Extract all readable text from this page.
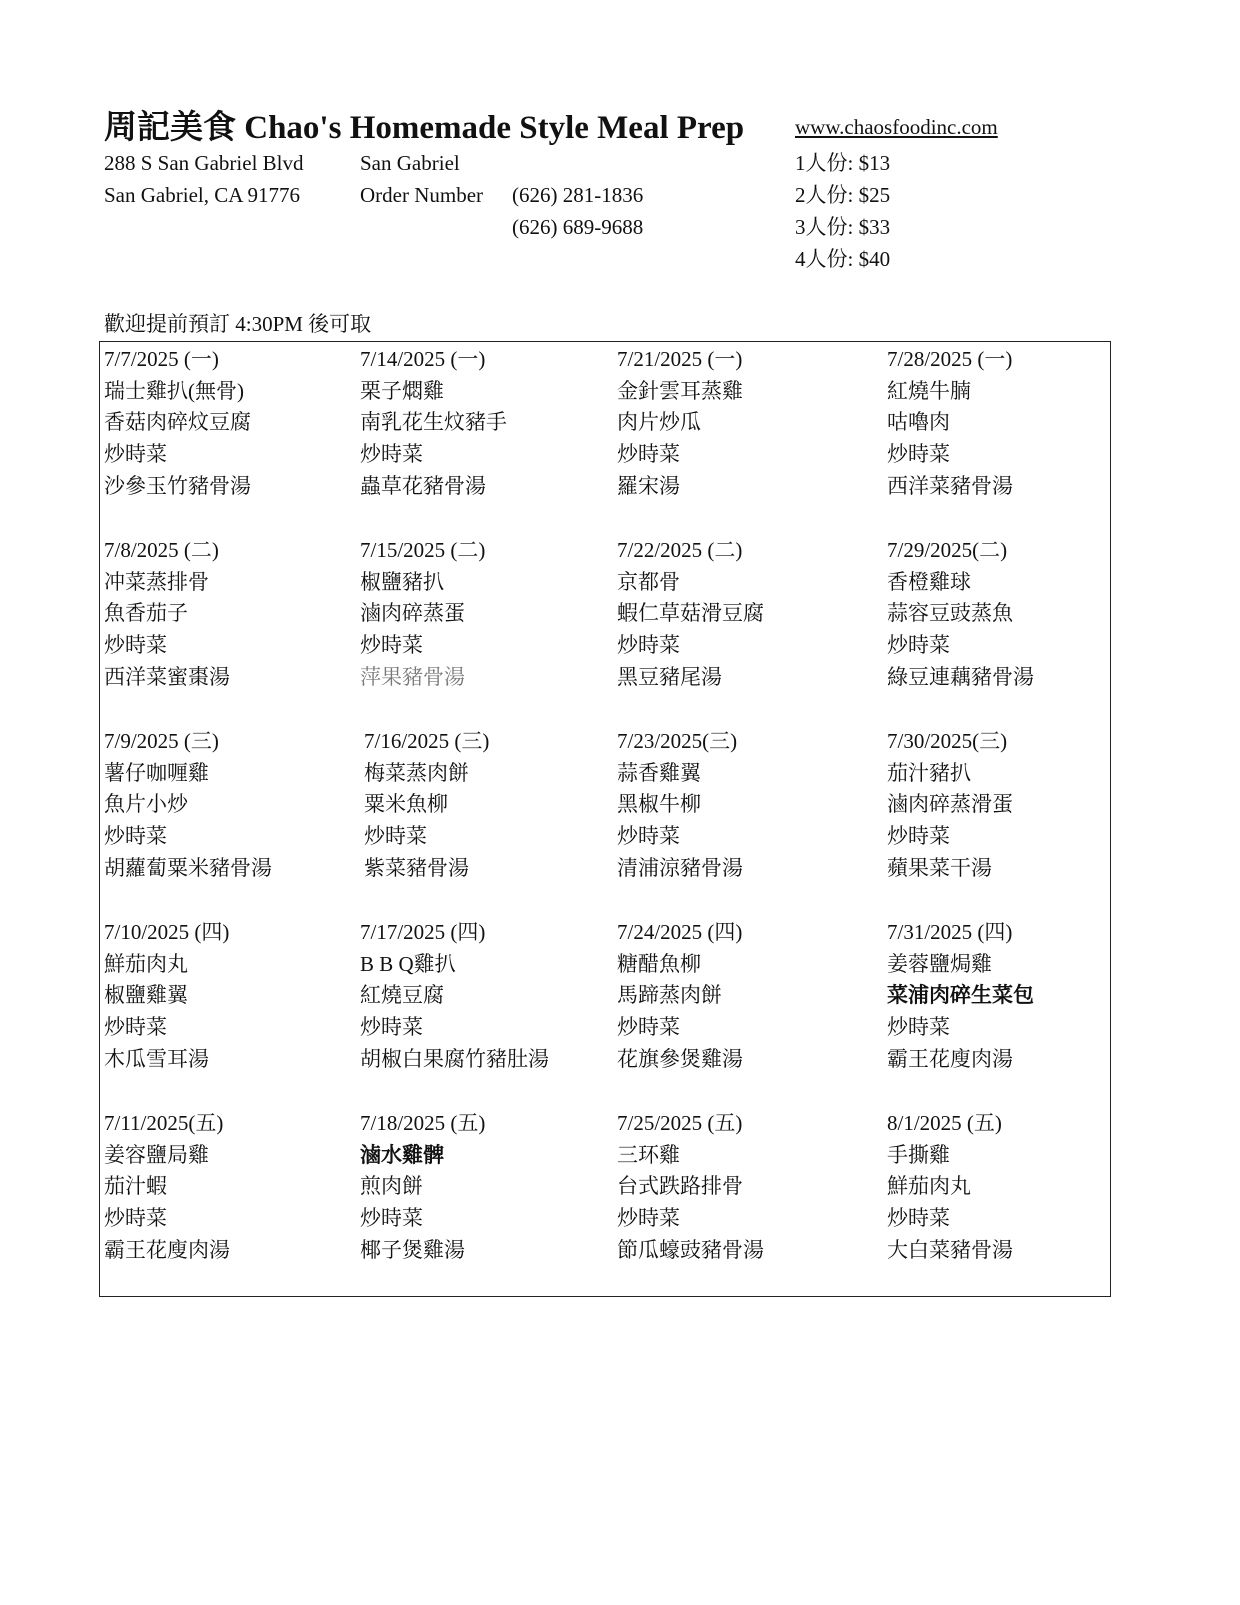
周記美食 Chao's Homemade Style Meal Prep www.chaosfoodinc.com
288 S San Gabriel Blvd
San Gabriel, CA 91776
San Gabriel
Order Number (626) 281-1836
(626) 689-9688
1人份: $13
2人份: $25
3人份: $33
4人份: $40
歡迎提前預訂 4:30PM 後可取
7/7/2025 (一)
瑞士雞扒(無骨)
香菇肉碎炆豆腐
炒時菜
沙參玉竹豬骨湯
7/8/2025 (二)
冲菜蒸排骨
魚香茄子
炒時菜
西洋菜蜜棗湯
7/9/2025 (三)
薯仔咖喱雞
魚片小炒
炒時菜
胡蘿蔔粟米豬骨湯
7/10/2025 (四)
鮮茄肉丸
椒鹽雞翼
炒時菜
木瓜雪耳湯
7/11/2025(五)
姜容鹽局雞
茄汁蝦
炒時菜
霸王花廋肉湯
7/14/2025 (一)
栗子燜雞
南乳花生炆豬手
炒時菜
蟲草花豬骨湯
7/15/2025 (二)
椒鹽豬扒
滷肉碎蒸蛋
炒時菜
萍果豬骨湯
7/16/2025 (三)
梅菜蒸肉餅
粟米魚柳
炒時菜
紫菜豬骨湯
7/17/2025 (四)
B B Q雞扒
紅燒豆腐
炒時菜
胡椒白果腐竹豬肚湯
7/18/2025 (五)
滷水雞髀
煎肉餅
炒時菜
椰子煲雞湯
7/21/2025 (一)
金針雲耳蒸雞
肉片炒瓜
炒時菜
羅宋湯
7/22/2025 (二)
京都骨
蝦仁草菇滑豆腐
炒時菜
黑豆豬尾湯
7/23/2025(三)
蒜香雞翼
黑椒牛柳
炒時菜
清浦涼豬骨湯
7/24/2025 (四)
糖醋魚柳
馬蹄蒸肉餅
炒時菜
花旗參煲雞湯
7/25/2025 (五)
三环雞
台式跌路排骨
炒時菜
節瓜蠔豉豬骨湯
7/28/2025 (一)
紅燒牛腩
咕嚕肉
炒時菜
西洋菜豬骨湯
7/29/2025(二)
香橙雞球
蒜容豆豉蒸魚
炒時菜
綠豆連藕豬骨湯
7/30/2025(三)
茄汁豬扒
滷肉碎蒸滑蛋
炒時菜
蘋果菜干湯
7/31/2025 (四)
姜蓉鹽焗雞
菜浦肉碎生菜包
炒時菜
霸王花廋肉湯
8/1/2025 (五)
手撕雞
鮮茄肉丸
炒時菜
大白菜豬骨湯
